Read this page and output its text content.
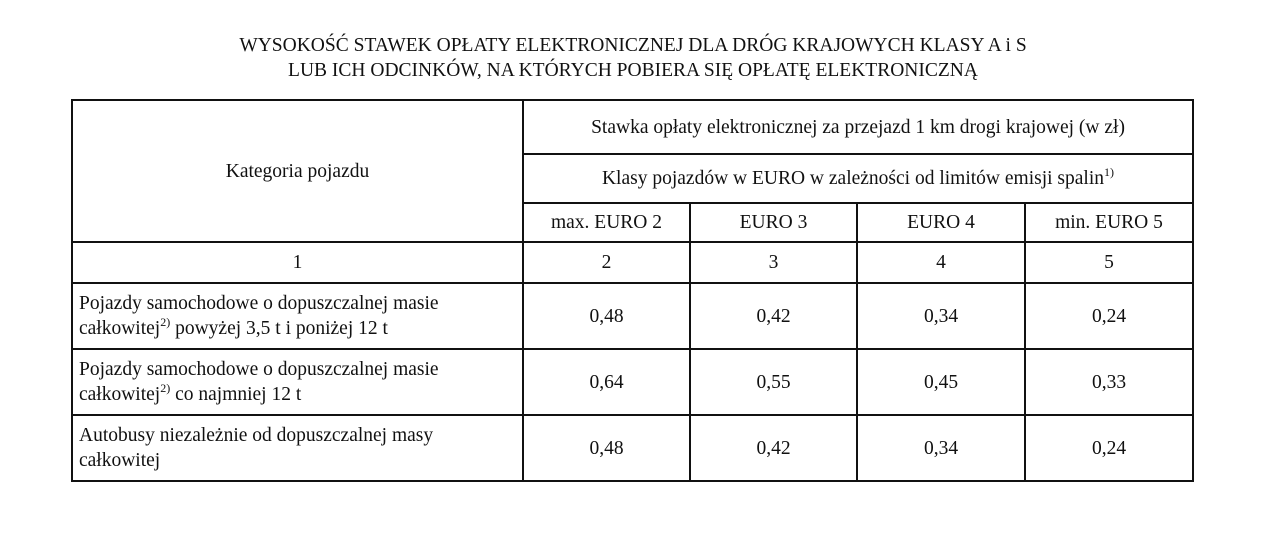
WYSOKOŚĆ STAWEK OPŁATY ELEKTRONICZNEJ DLA DRÓG KRAJOWYCH KLASY A i S
LUB ICH ODCINKÓW, NA KTÓRYCH POBIERA SIĘ OPŁATĘ ELEKTRONICZNĄ
Kategoria pojazdu	Stawka opłaty elektronicznej za przejazd 1 km drogi krajowej (w zł)			
	Klasy pojazdów w EURO w zależności od limitów emisji spalin$^{1)}$
	max. EURO 2	EURO 3	EURO 4	min. EURO 5
1	2	3	4	5
Pojazdy samochodowe o dopuszczalnej masie
całkowitej$^{2)}$ powyżej 3,5 t i poniżej 12 t	0,48	0,42	0,34	0,24
Pojazdy samochodowe o dopuszczalnej masie
całkowitej$^{2)}$ co najmniej 12 t	0,64	0,55	0,45	0,33
Autobusy niezależnie od dopuszczalnej masy
całkowitej	0,48	0,42	0,34	0,24
